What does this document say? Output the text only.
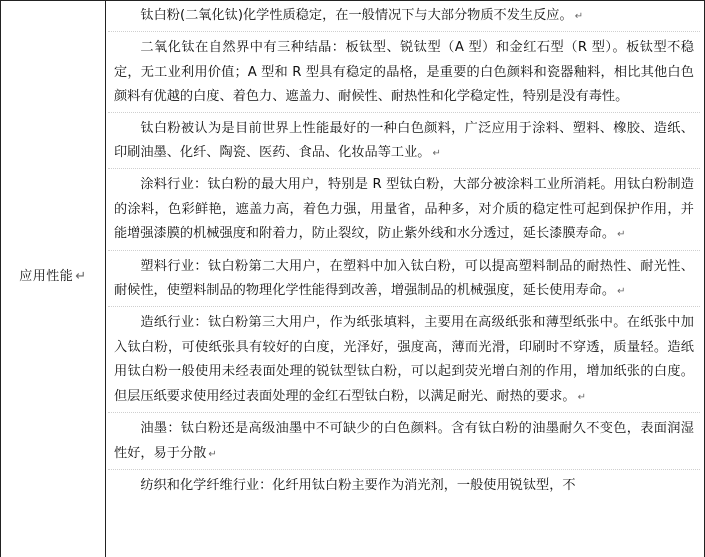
应用性能 ↵

钛白粉(二氧化钛)化学性质稳定，在一般情况下与大部分物质不发生反应。 ↵

二氧化钛在自然界中有三种结晶：板钛型、锐钛型（A 型）和金红石型（R 型）。板钛型不稳定，无工业利用价值；A 型和 R 型具有稳定的晶格，是重要的白色颜料和瓷器釉料，相比其他白色颜料有优越的白度、着色力、遮盖力、耐候性、耐热性和化学稳定性，特别是没有毒性。

钛白粉被认为是目前世界上性能最好的一种白色颜料，广泛应用于涂料、塑料、橡胶、造纸、印刷油墨、化纤、陶瓷、医药、食品、化妆品等工业。 ↵

涂料行业：钛白粉的最大用户，特别是 R 型钛白粉，大部分被涂料工业所消耗。用钛白粉制造的涂料，色彩鲜艳，遮盖力高，着色力强，用量省，品种多，对介质的稳定性可起到保护作用，并能增强漆膜的机械强度和附着力，防止裂纹，防止紫外线和水分透过，延长漆膜寿命。 ↵

塑料行业：钛白粉第二大用户，在塑料中加入钛白粉，可以提高塑料制品的耐热性、耐光性、耐候性，使塑料制品的物理化学性能得到改善，增强制品的机械强度，延长使用寿命。 ↵

造纸行业：钛白粉第三大用户，作为纸张填料，主要用在高级纸张和薄型纸张中。在纸张中加入钛白粉，可使纸张具有较好的白度，光泽好，强度高，薄而光滑，印刷时不穿透，质量轻。造纸用钛白粉一般使用未经表面处理的锐钛型钛白粉，可以起到荧光增白剂的作用，增加纸张的白度。但层压纸要求使用经过表面处理的金红石型钛白粉，以满足耐光、耐热的要求。 ↵

油墨：钛白粉还是高级油墨中不可缺少的白色颜料。含有钛白粉的油墨耐久不变色，表面润湿性好，易于分散 ↵

纺织和化学纤维行业：化纤用钛白粉主要作为消光剂，一般使用锐钛型，不
